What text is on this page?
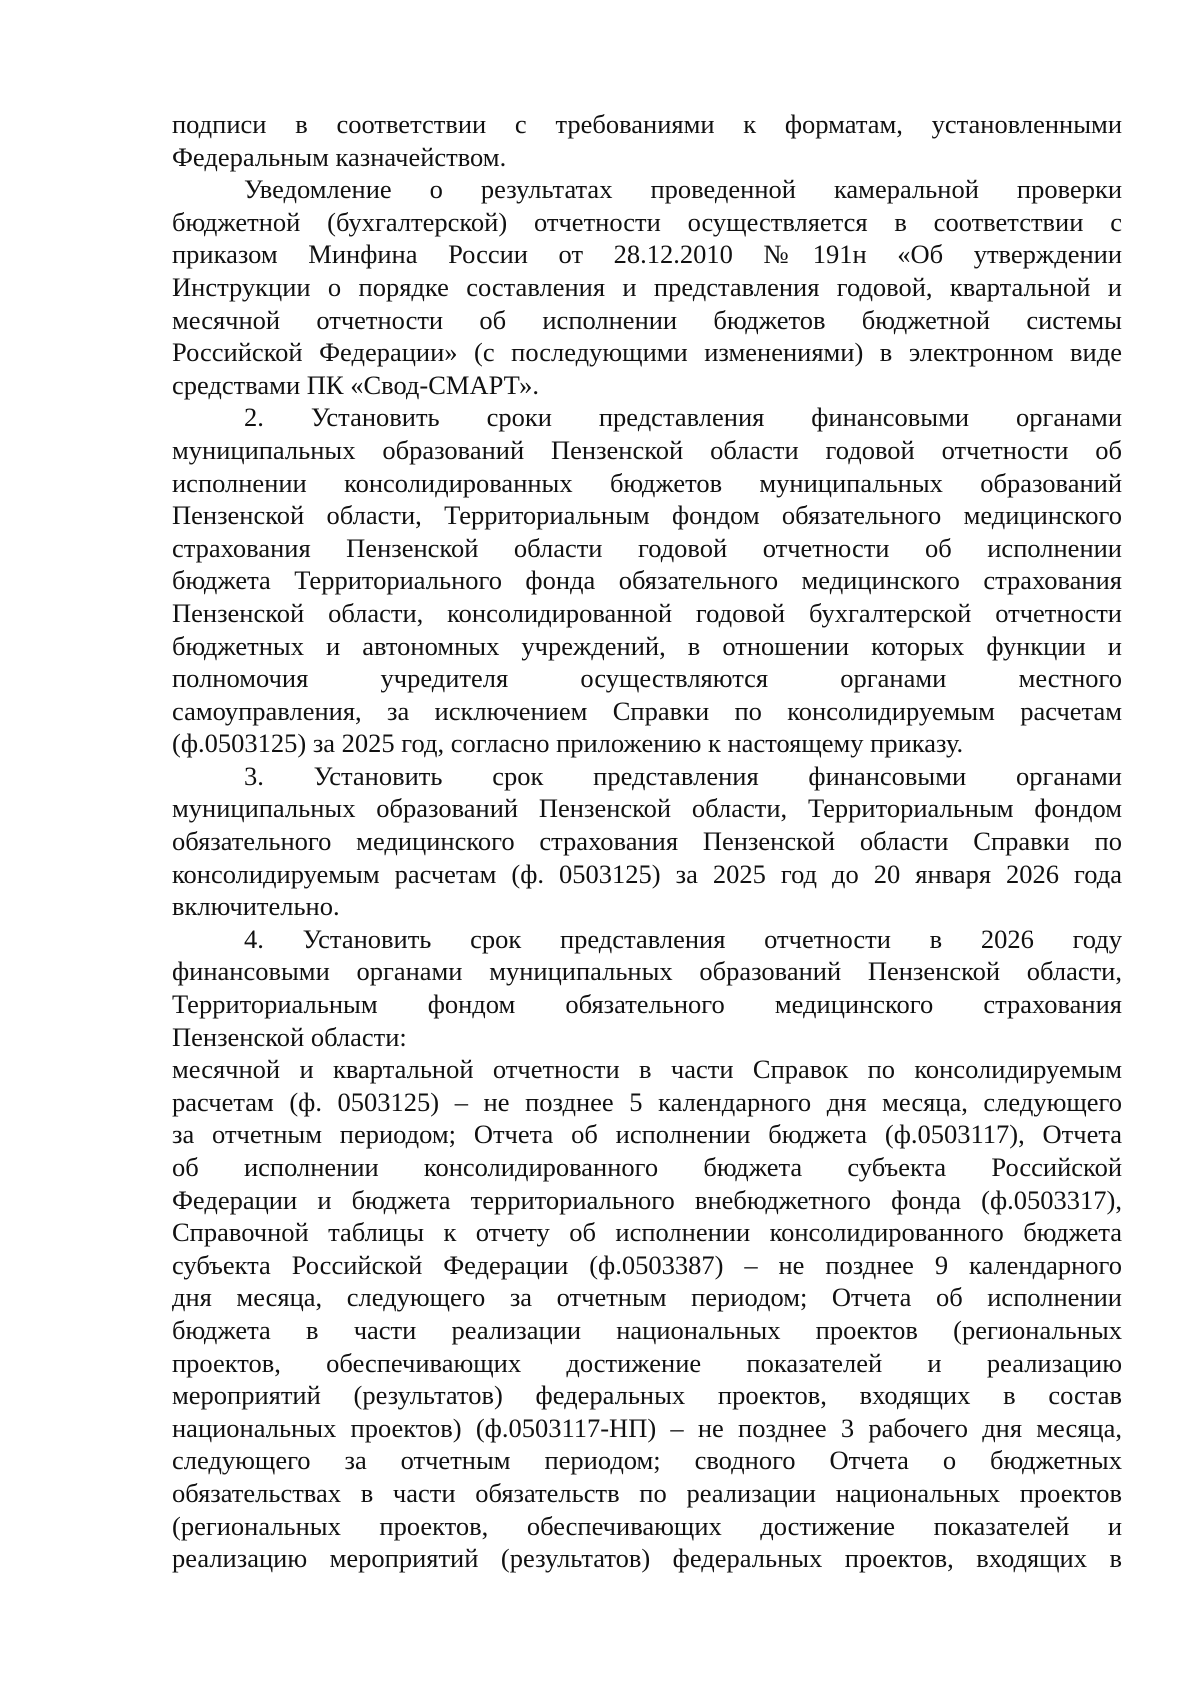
подписи в соответствии с требованиями к форматам, установленными
Федеральным казначейством.
Уведомление о результатах проведенной камеральной проверки
бюджетной (бухгалтерской) отчетности осуществляется в соответствии с
приказом Минфина России от 28.12.2010 №191н «Об утверждении
Инструкции о порядке составления и представления годовой, квартальной и
месячной отчетности об исполнении бюджетов бюджетной системы
Российской Федерации» (с последующими изменениями) в электронном виде
средствами ПК «Свод-СМАРТ».
2. Установить сроки представления финансовыми органами
муниципальных образований Пензенской области годовой отчетности об
исполнении консолидированных бюджетов муниципальных образований
Пензенской области, Территориальным фондом обязательного медицинского
страхования Пензенской области годовой отчетности об исполнении
бюджета Территориального фонда обязательного медицинского страхования
Пензенской области, консолидированной годовой бухгалтерской отчетности
бюджетных и автономных учреждений, в отношении которых функции и
полномочия учредителя осуществляются органами местного
самоуправления, за исключением Справки по консолидируемым расчетам
(ф.0503125) за 2025 год, согласно приложению к настоящему приказу.
3. Установить срок представления финансовыми органами
муниципальных образований Пензенской области, Территориальным фондом
обязательного медицинского страхования Пензенской области Справки по
консолидируемым расчетам (ф. 0503125) за 2025 год до 20 января 2026 года
включительно.
4. Установить срок представления отчетности в 2026 году
финансовыми органами муниципальных образований Пензенской области,
Территориальным фондом обязательного медицинского страхования
Пензенской области:
месячной и квартальной отчетности в части Справок по консолидируемым
расчетам (ф. 0503125) – не позднее 5 календарного дня месяца, следующего
за отчетным периодом; Отчета об исполнении бюджета (ф.0503117), Отчета
об исполнении консолидированного бюджета субъекта Российской
Федерации и бюджета территориального внебюджетного фонда (ф.0503317),
Справочной таблицы к отчету об исполнении консолидированного бюджета
субъекта Российской Федерации (ф.0503387) – не позднее 9 календарного
дня месяца, следующего за отчетным периодом; Отчета об исполнении
бюджета в части реализации национальных проектов (региональных
проектов, обеспечивающих достижение показателей и реализацию
мероприятий (результатов) федеральных проектов, входящих в состав
национальных проектов) (ф.0503117-НП) – не позднее 3 рабочего дня месяца,
следующего за отчетным периодом; сводного Отчета о бюджетных
обязательствах в части обязательств по реализации национальных проектов
(региональных проектов, обеспечивающих достижение показателей и
реализацию мероприятий (результатов) федеральных проектов, входящих в
